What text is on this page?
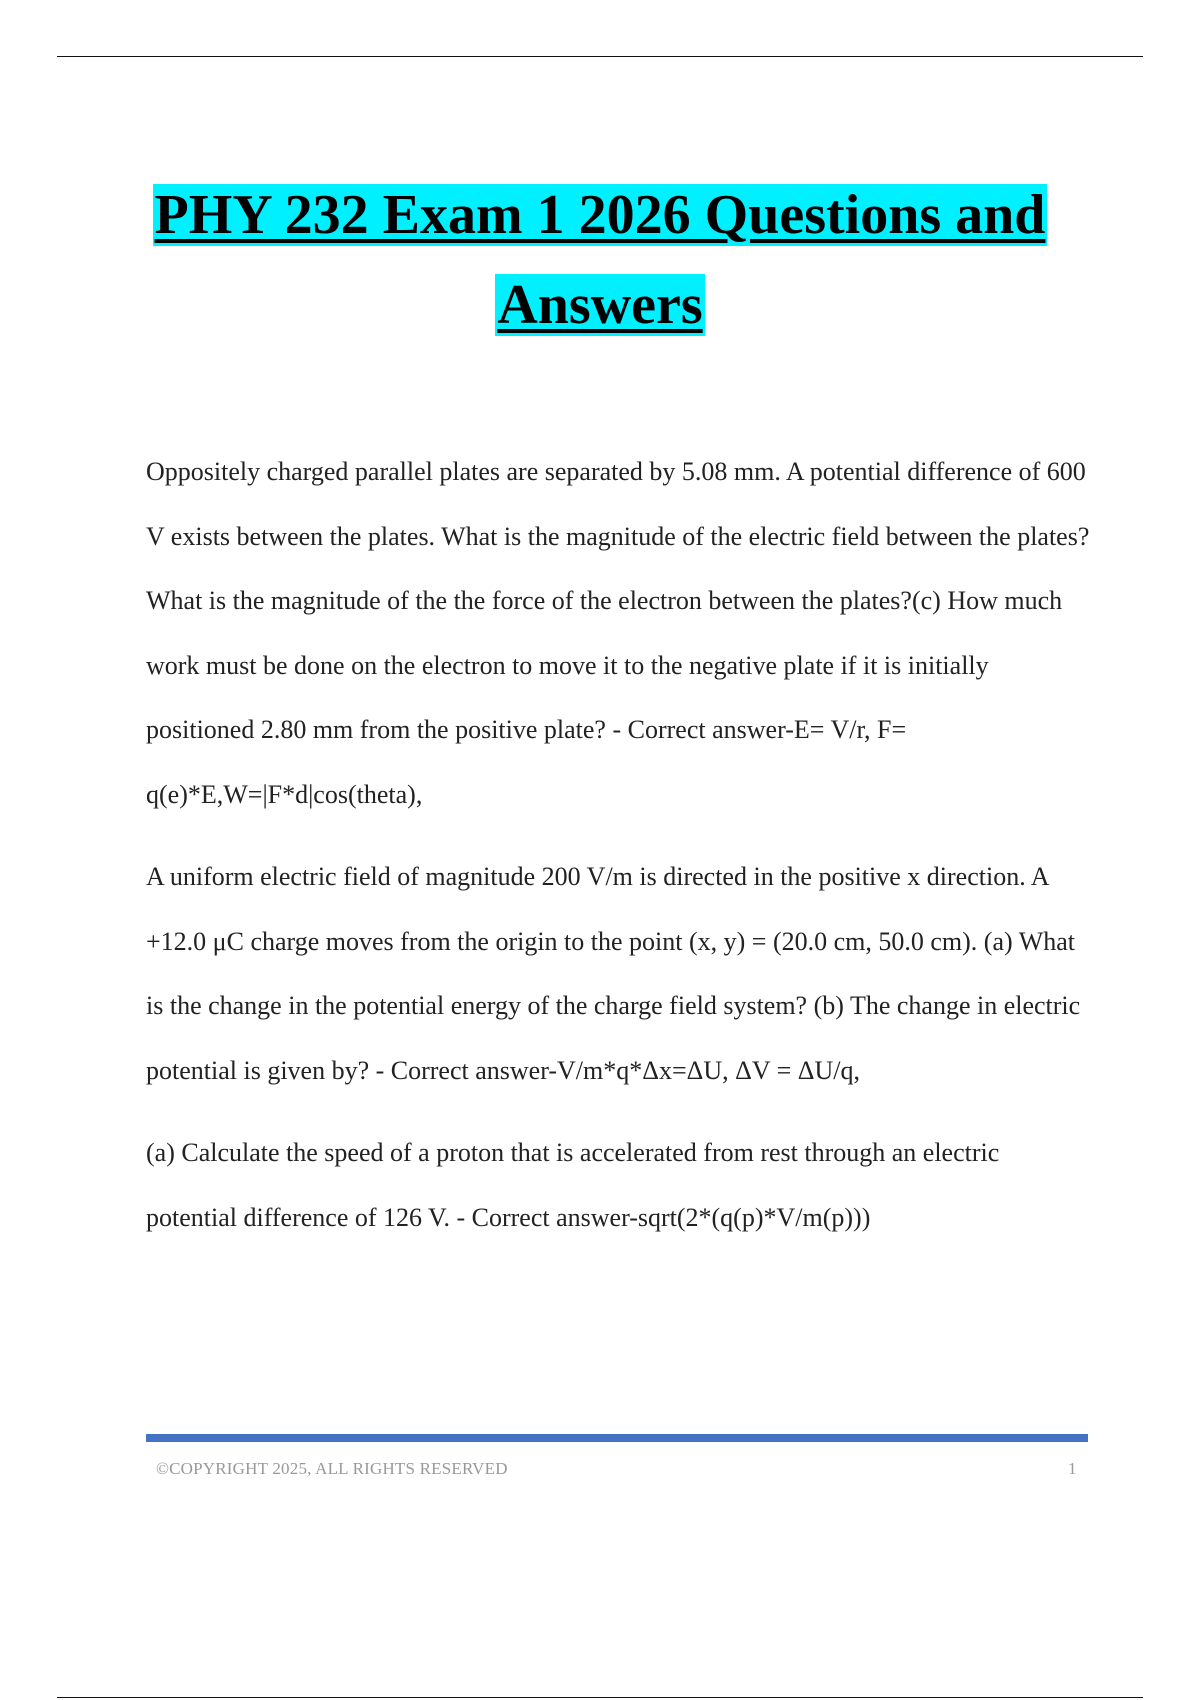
PHY 232 Exam 1 2026 Questions and
Answers

Oppositely charged parallel plates are separated by 5.08 mm. A potential difference of 600 V exists between the plates. What is the magnitude of the electric field between the plates? What is the magnitude of the the force of the electron between the plates?(c) How much work must be done on the electron to move it to the negative plate if it is initially positioned 2.80 mm from the positive plate? - Correct answer-E= V/r, F= q(e)*E,W=|F*d|cos(theta),

A uniform electric field of magnitude 200 V/m is directed in the positive x direction. A +12.0 μC charge moves from the origin to the point (x, y) = (20.0 cm, 50.0 cm). (a) What is the change in the potential energy of the charge field system? (b) The change in electric potential is given by? - Correct answer-V/m*q*Δx=ΔU, ΔV = ΔU/q,

(a) Calculate the speed of a proton that is accelerated from rest through an electric potential difference of 126 V. - Correct answer-sqrt(2*(q(p)*V/m(p)))

©COPYRIGHT 2025, ALL RIGHTS RESERVED	1
